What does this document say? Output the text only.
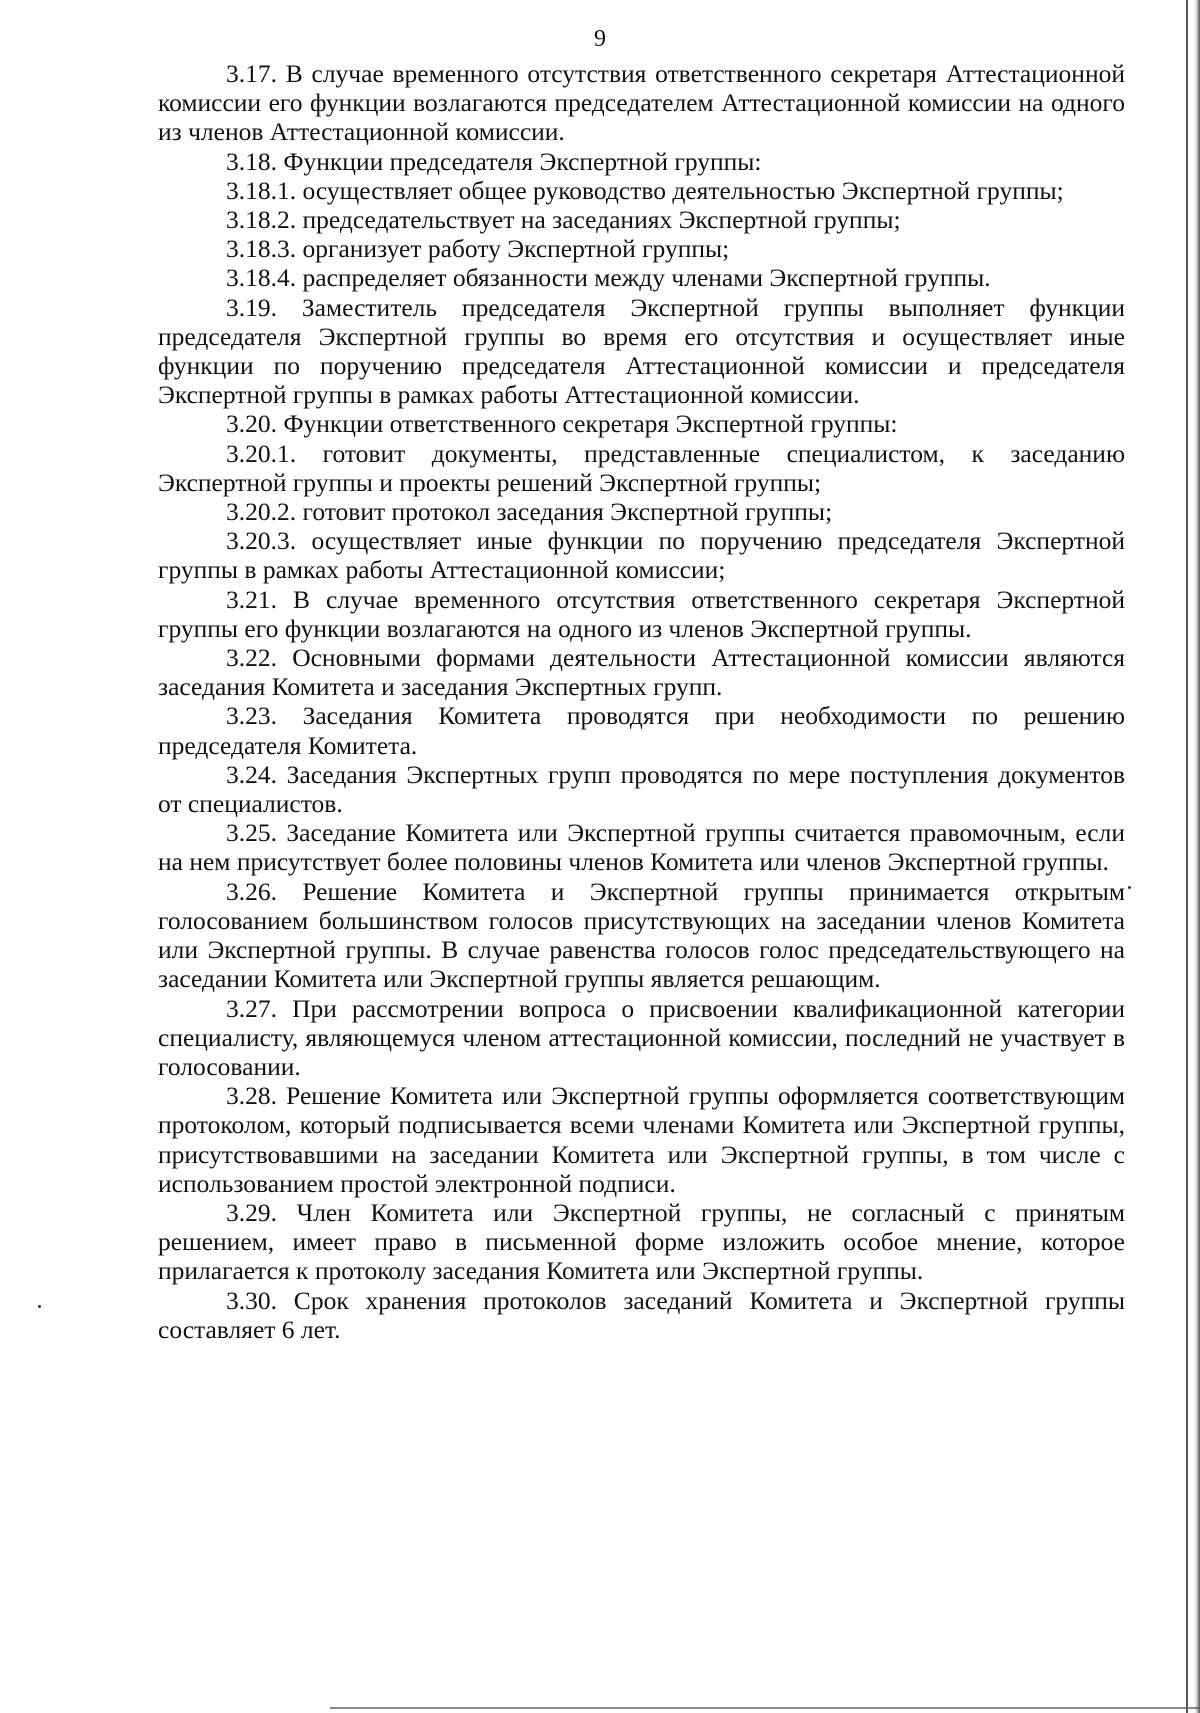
9

3.17. В случае временного отсутствия ответственного секретаря Аттестационной комиссии его функции возлагаются председателем Аттестационной комиссии на одного из членов Аттестационной комиссии.

3.18. Функции председателя Экспертной группы:

3.18.1. осуществляет общее руководство деятельностью Экспертной группы;

3.18.2. председательствует на заседаниях Экспертной группы;

3.18.3. организует работу Экспертной группы;

3.18.4. распределяет обязанности между членами Экспертной группы.

3.19. Заместитель председателя Экспертной группы выполняет функции председателя Экспертной группы во время его отсутствия и осуществляет иные функции по поручению председателя Аттестационной комиссии и председателя Экспертной группы в рамках работы Аттестационной комиссии.

3.20. Функции ответственного секретаря Экспертной группы:

3.20.1. готовит документы, представленные специалистом, к заседанию Экспертной группы и проекты решений Экспертной группы;

3.20.2. готовит протокол заседания Экспертной группы;

3.20.3. осуществляет иные функции по поручению председателя Экспертной группы в рамках работы Аттестационной комиссии;

3.21. В случае временного отсутствия ответственного секретаря Экспертной группы его функции возлагаются на одного из членов Экспертной группы.

3.22. Основными формами деятельности Аттестационной комиссии являются заседания Комитета и заседания Экспертных групп.

3.23. Заседания Комитета проводятся при необходимости по решению председателя Комитета.

3.24. Заседания Экспертных групп проводятся по мере поступления документов от специалистов.

3.25. Заседание Комитета или Экспертной группы считается правомочным, если на нем присутствует более половины членов Комитета или членов Экспертной группы.

3.26. Решение Комитета и Экспертной группы принимается открытым голосованием большинством голосов присутствующих на заседании членов Комитета или Экспертной группы. В случае равенства голосов голос председательствующего на заседании Комитета или Экспертной группы является решающим.

3.27. При рассмотрении вопроса о присвоении квалификационной категории специалисту, являющемуся членом аттестационной комиссии, последний не участвует в голосовании.

3.28. Решение Комитета или Экспертной группы оформляется соответствующим протоколом, который подписывается всеми членами Комитета или Экспертной группы, присутствовавшими на заседании Комитета или Экспертной группы, в том числе с использованием простой электронной подписи.

3.29. Член Комитета или Экспертной группы, не согласный с принятым решением, имеет право в письменной форме изложить особое мнение, которое прилагается к протоколу заседания Комитета или Экспертной группы.

3.30. Срок хранения протоколов заседаний Комитета и Экспертной группы составляет 6 лет.
